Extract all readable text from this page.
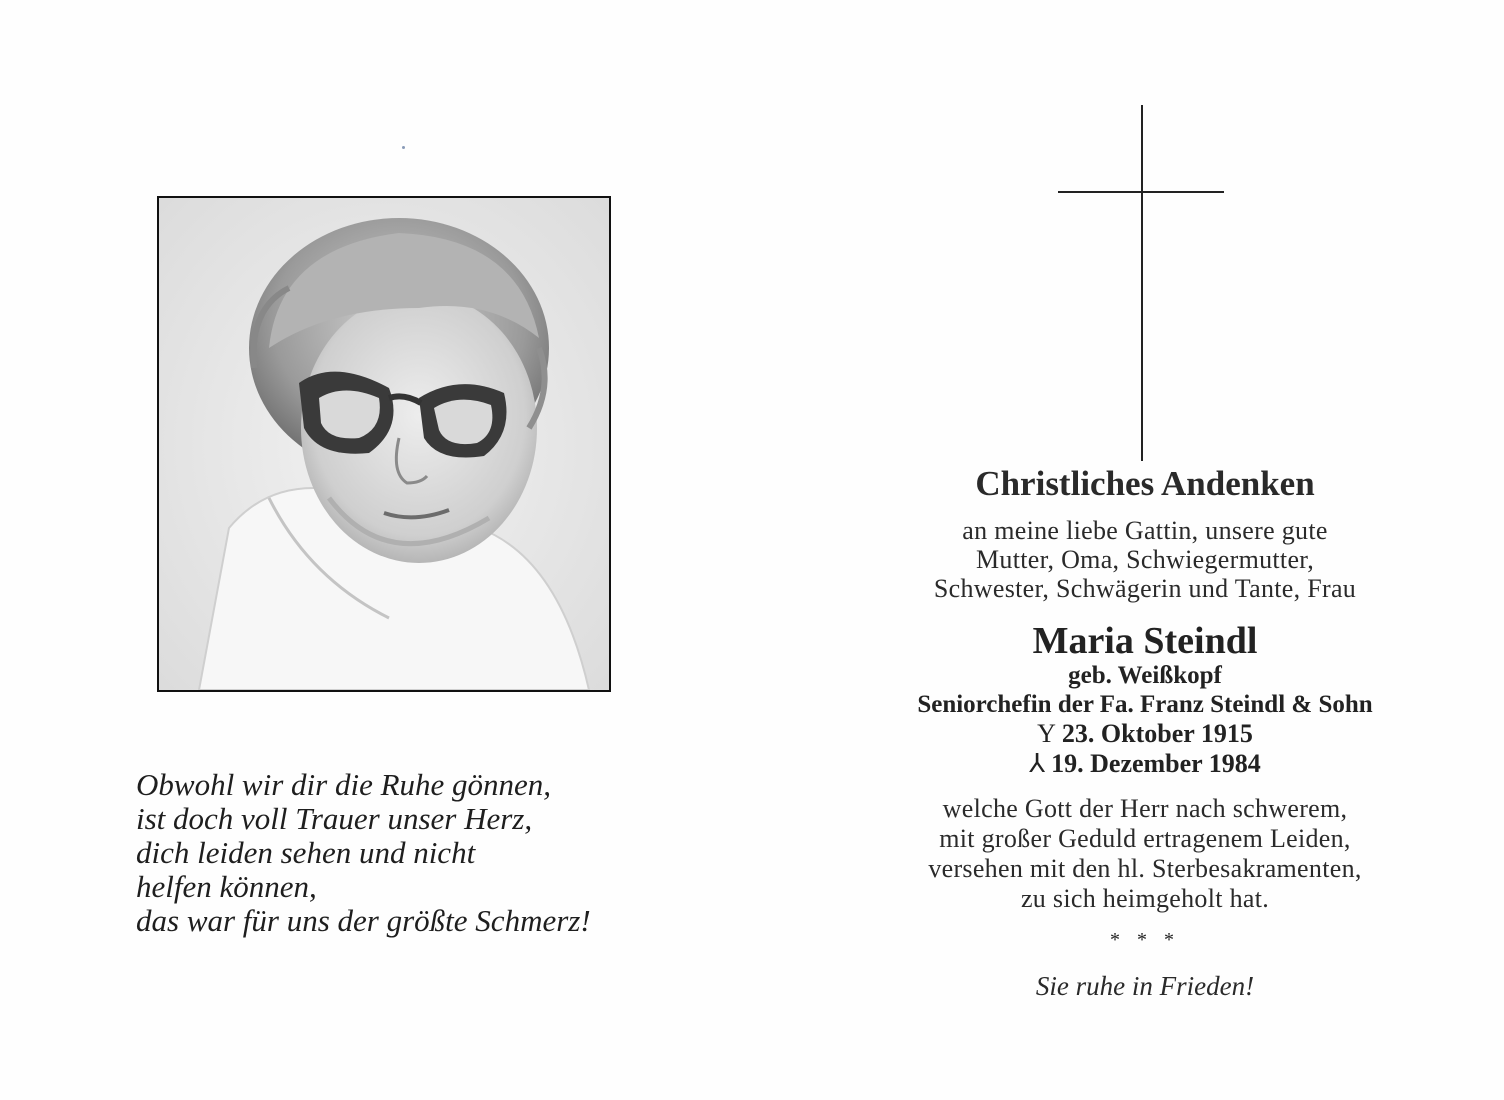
Obwohl wir dir die Ruhe gönnen,
ist doch voll Trauer unser Herz,
dich leiden sehen und nicht
helfen können,
das war für uns der größte Schmerz!
Christliches Andenken
an meine liebe Gattin, unsere gute
Mutter, Oma, Schwiegermutter,
Schwester, Schwägerin und Tante, Frau
Maria Steindl
geb. Weißkopf
Seniorchefin der Fa. Franz Steindl & Sohn
Y 23. Oktober 1915
⅄ 19. Dezember 1984
welche Gott der Herr nach schwerem,
mit großer Geduld ertragenem Leiden,
versehen mit den hl. Sterbesakramenten,
zu sich heimgeholt hat.
* * *
Sie ruhe in Frieden!
